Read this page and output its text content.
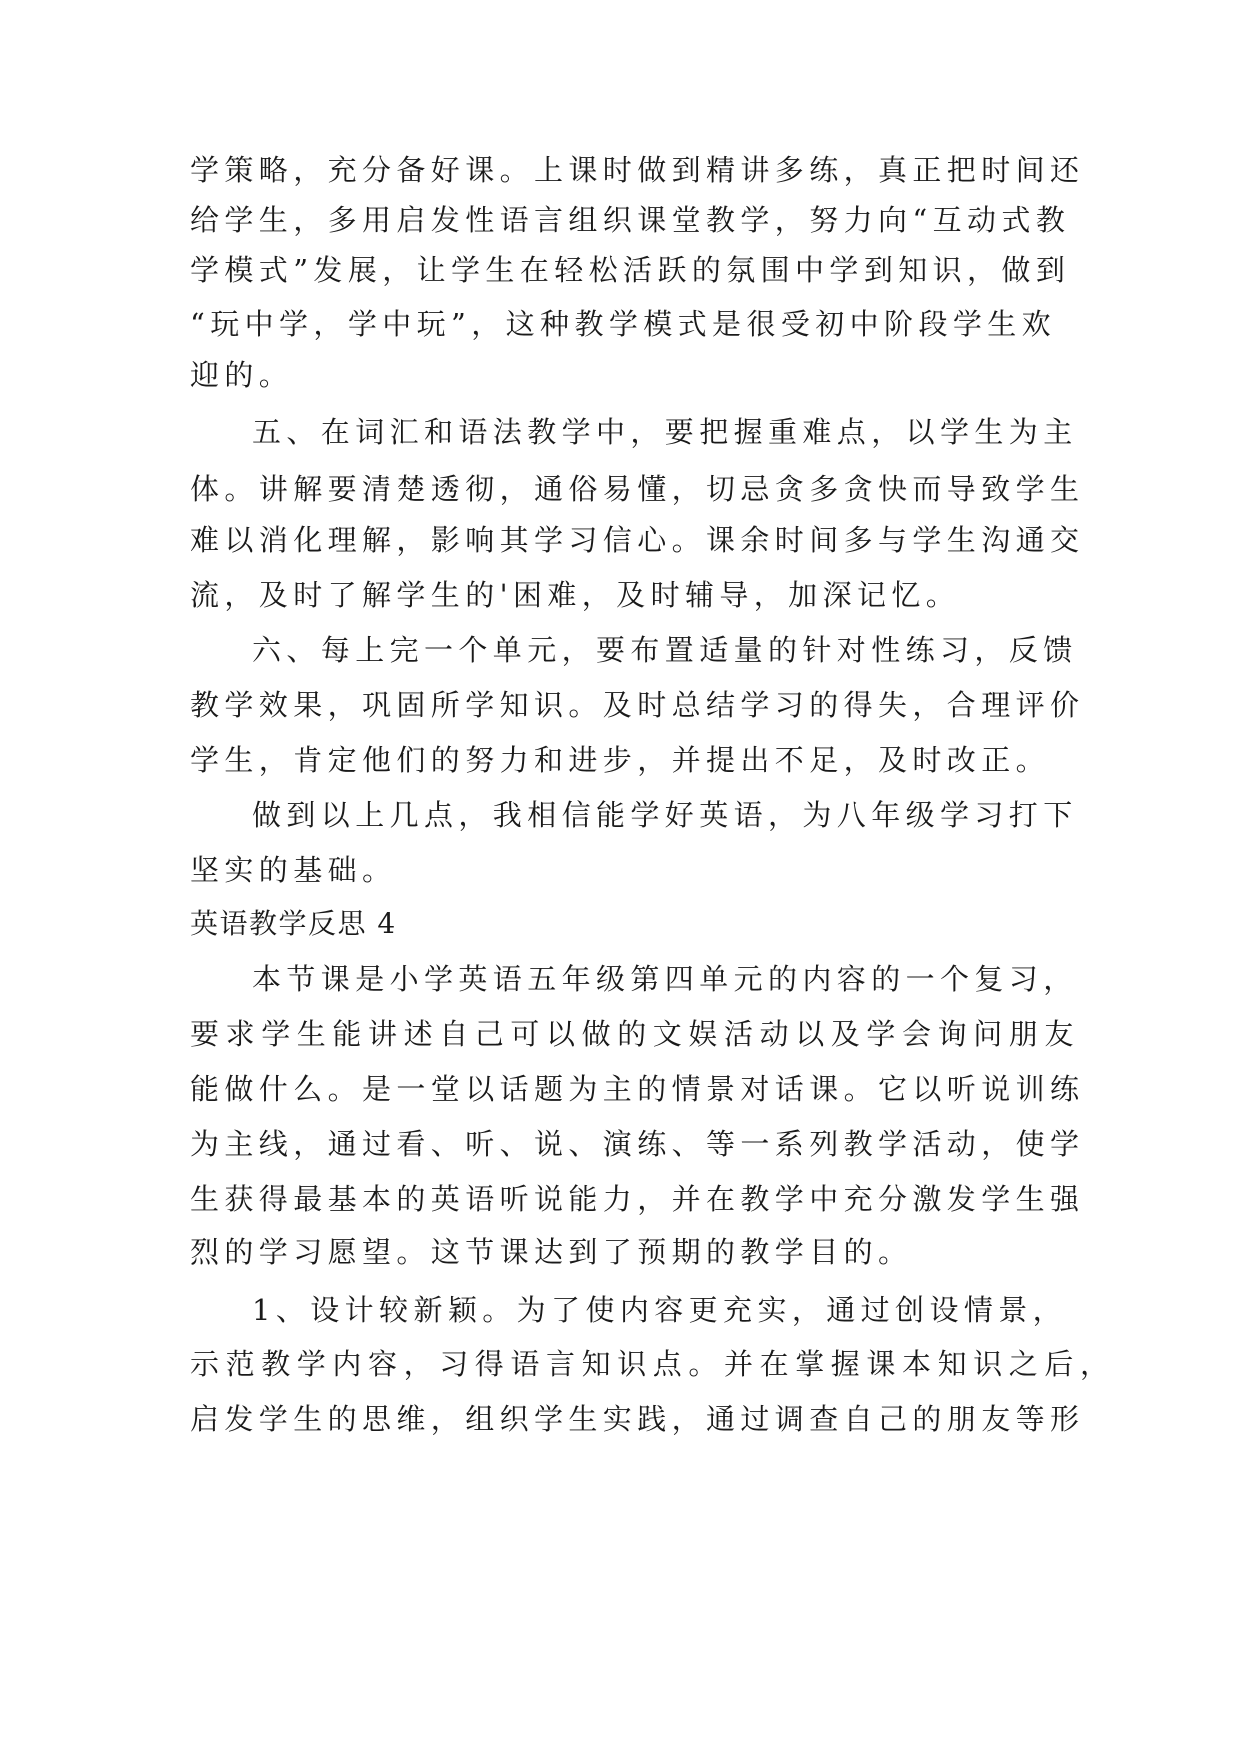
学策略，充分备好课。上课时做到精讲多练，真正把时间还
给学生，多用启发性语言组织课堂教学，努力向“互动式教
学模式”发展，让学生在轻松活跃的氛围中学到知识，做到
“玩中学，学中玩”，这种教学模式是很受初中阶段学生欢
迎的。
五、在词汇和语法教学中，要把握重难点，以学生为主
体。讲解要清楚透彻，通俗易懂，切忌贪多贪快而导致学生
难以消化理解，影响其学习信心。课余时间多与学生沟通交
流，及时了解学生的'困难，及时辅导，加深记忆。
六、每上完一个单元，要布置适量的针对性练习，反馈
教学效果，巩固所学知识。及时总结学习的得失，合理评价
学生，肯定他们的努力和进步，并提出不足，及时改正。
做到以上几点，我相信能学好英语，为八年级学习打下
坚实的基础。
英语教学反思 4
本节课是小学英语五年级第四单元的内容的一个复习，
要求学生能讲述自己可以做的文娱活动以及学会询问朋友
能做什么。是一堂以话题为主的情景对话课。它以听说训练
为主线，通过看、听、说、演练、等一系列教学活动，使学
生获得最基本的英语听说能力，并在教学中充分激发学生强
烈的学习愿望。这节课达到了预期的教学目的。
1、设计较新颖。为了使内容更充实，通过创设情景，
示范教学内容，习得语言知识点。并在掌握课本知识之后，
启发学生的思维，组织学生实践，通过调查自己的朋友等形
